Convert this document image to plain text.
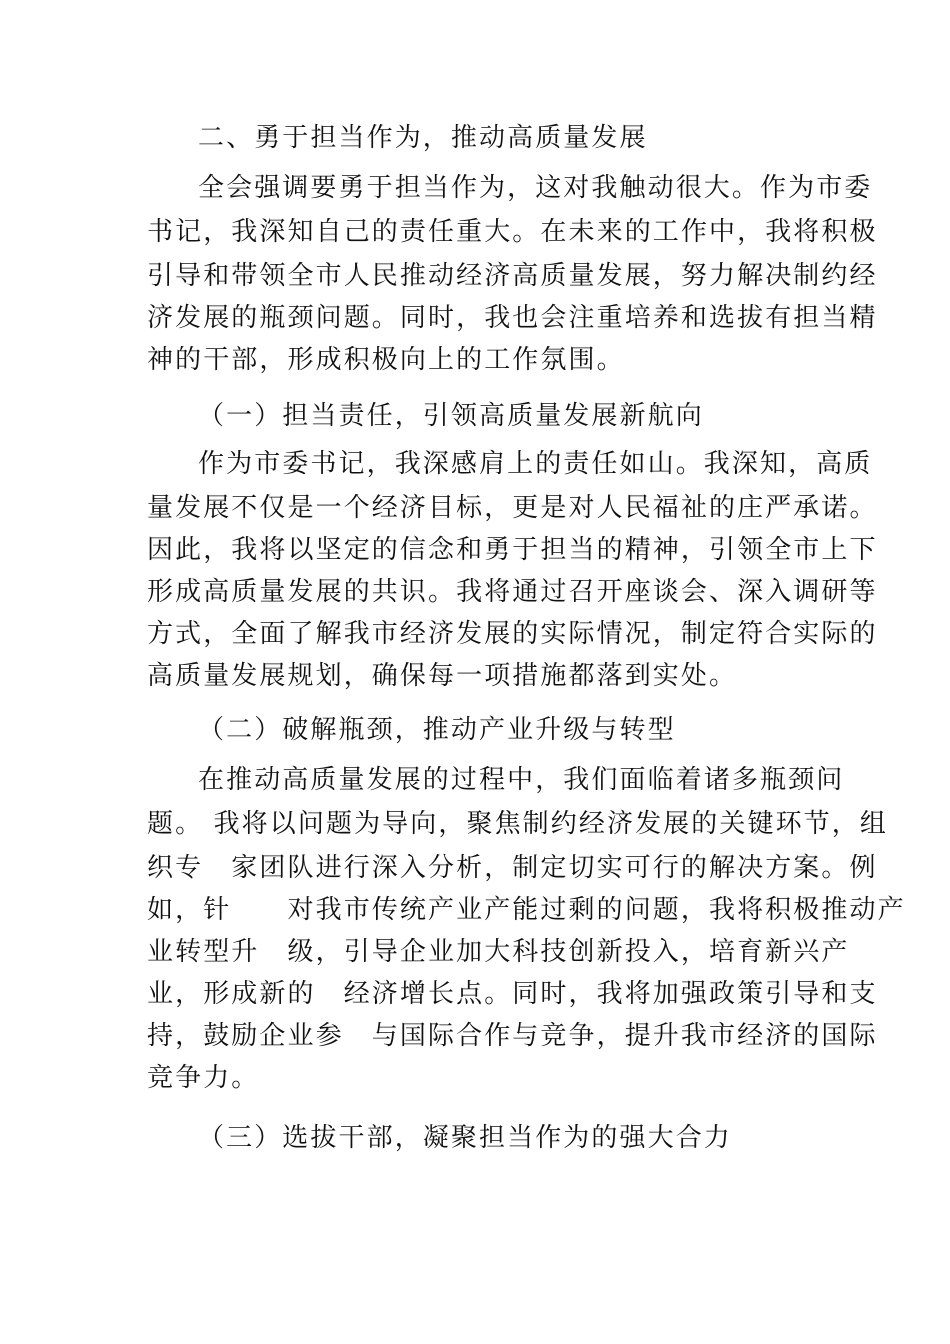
二、勇于担当作为，推动高质量发展
全会强调要勇于担当作为，这对我触动很大。作为市委
书记，我深知自己的责任重大。在未来的工作中，我将积极
引导和带领全市人民推动经济高质量发展，努力解决制约经
济发展的瓶颈问题。同时，我也会注重培养和选拔有担当精
神的干部，形成积极向上的工作氛围。
（一）担当责任，引领高质量发展新航向
作为市委书记，我深感肩上的责任如山。我深知，高质
量发展不仅是一个经济目标，更是对人民福祉的庄严承诺。
因此，我将以坚定的信念和勇于担当的精神，引领全市上下
形成高质量发展的共识。我将通过召开座谈会、深入调研等
方式，全面了解我市经济发展的实际情况，制定符合实际的
高质量发展规划，确保每一项措施都落到实处。
（二）破解瓶颈，推动产业升级与转型
在推动高质量发展的过程中，我们面临着诸多瓶颈问
题。 我将以问题为导向，聚焦制约经济发展的关键环节，组
织专　家团队进行深入分析，制定切实可行的解决方案。例
如，针　　对我市传统产业产能过剩的问题，我将积极推动产
业转型升　级，引导企业加大科技创新投入，培育新兴产
业，形成新的　经济增长点。同时，我将加强政策引导和支
持，鼓励企业参　与国际合作与竞争，提升我市经济的国际
竞争力。
（三）选拔干部，凝聚担当作为的强大合力
